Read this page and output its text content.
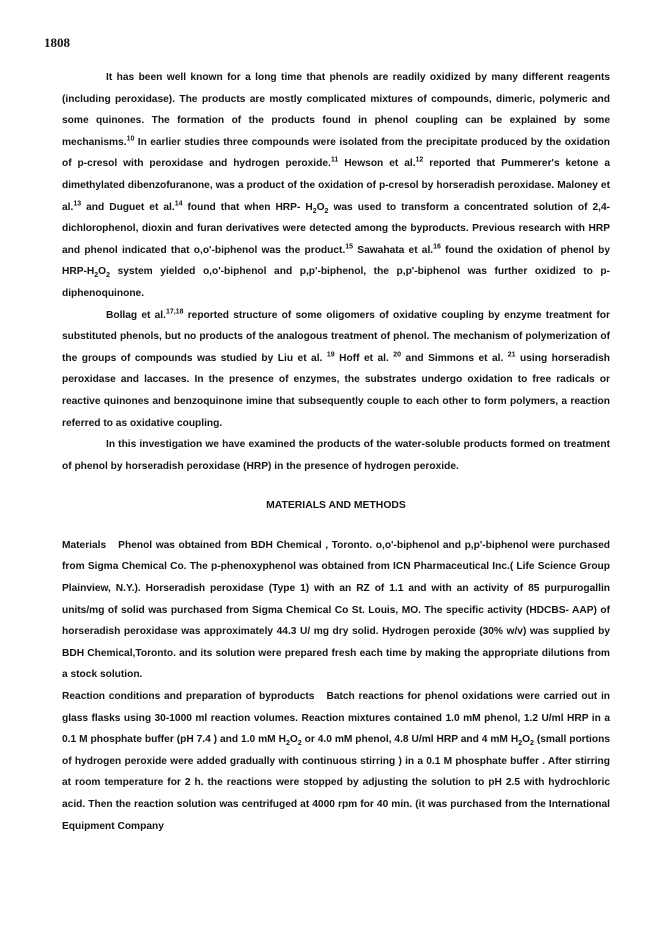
1808

It has been well known for a long time that phenols are readily oxidized by many different reagents (including peroxidase). The products are mostly complicated mixtures of compounds, dimeric, polymeric and some quinones. The formation of the products found in phenol coupling can be explained by some mechanisms.$^{10}$ In earlier studies three compounds were isolated from the precipitate produced by the oxidation of p-cresol with peroxidase and hydrogen peroxide.$^{11}$ Hewson et al.$^{12}$ reported that Pummerer's ketone a dimethylated dibenzofuranone, was a product of the oxidation of p-cresol by horseradish peroxidase. Maloney et al.$^{13}$ and Duguet et al.$^{14}$ found that when HRP- $H_2O_2$ was used to transform a concentrated solution of 2,4-dichlorophenol, dioxin and furan derivatives were detected among the byproducts. Previous research with HRP and phenol indicated that o,o'-biphenol was the product.$^{15}$ Sawahata et al.$^{16}$ found the oxidation of phenol by HRP-$H_2O_2$ system yielded o,o'-biphenol and p,p'-biphenol, the p,p'-biphenol was further oxidized to p-diphenoquinone.

Bollag et al.$^{17,18}$ reported structure of some oligomers of oxidative coupling by enzyme treatment for substituted phenols, but no products of the analogous treatment of phenol. The mechanism of polymerization of the groups of compounds was studied by Liu et al. $^{19}$ Hoff et al. $^{20}$ and Simmons et al. $^{21}$ using horseradish peroxidase and laccases. In the presence of enzymes, the substrates undergo oxidation to free radicals or reactive quinones and benzoquinone imine that subsequently couple to each other to form polymers, a reaction referred to as oxidative coupling.

In this investigation we have examined the products of the water-soluble products formed on treatment of phenol by horseradish peroxidase (HRP) in the presence of hydrogen peroxide.

MATERIALS AND METHODS

Materials Phenol was obtained from BDH Chemical , Toronto. o,o'-biphenol and p,p'-biphenol were purchased from Sigma Chemical Co. The p-phenoxyphenol was obtained from ICN Pharmaceutical Inc.( Life Science Group Plainview, N.Y.). Horseradish peroxidase (Type 1) with an RZ of 1.1 and with an activity of 85 purpurogallin units/mg of solid was purchased from Sigma Chemical Co St. Louis, MO. The specific activity (HDCBS- AAP) of horseradish peroxidase was approximately 44.3 U/ mg dry solid. Hydrogen peroxide (30% w/v) was supplied by BDH Chemical,Toronto. and its solution were prepared fresh each time by making the appropriate dilutions from a stock solution.

Reaction conditions and preparation of byproducts Batch reactions for phenol oxidations were carried out in glass flasks using 30-1000 ml reaction volumes. Reaction mixtures contained 1.0 mM phenol, 1.2 U/ml HRP in a 0.1 M phosphate buffer (pH 7.4 ) and 1.0 mM $H_2O_2$ or 4.0 mM phenol, 4.8 U/ml HRP and 4 mM $H_2O_2$ (small portions of hydrogen peroxide were added gradually with continuous stirring ) in a 0.1 M phosphate buffer . After stirring at room temperature for 2 h. the reactions were stopped by adjusting the solution to pH 2.5 with hydrochloric acid. Then the reaction solution was centrifuged at 4000 rpm for 40 min. (it was purchased from the International Equipment Company
